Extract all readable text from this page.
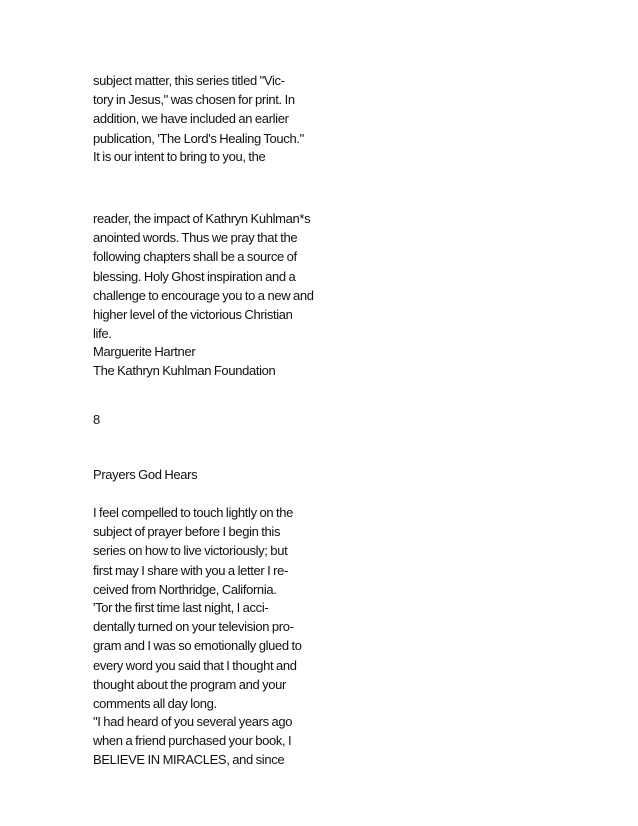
subject matter, this series titled "Vic-
tory in Jesus," was chosen for print. In
addition, we have included an earlier
publication, 'The Lord's Healing Touch."

It is our intent to bring to you, the

reader, the impact of Kathryn Kuhlman*s
anointed words. Thus we pray that the
following chapters shall be a source of
blessing. Holy Ghost inspiration and a
challenge to encourage you to a new and
higher level of the victorious Christian
life.

Marguerite Hartner
The Kathryn Kuhlman Foundation

8

Prayers God Hears

I feel compelled to touch lightly on the
subject of prayer before I begin this
series on how to live victoriously; but
first may I share with you a letter I re-
ceived from Northridge, California.

'Tor the first time last night, I acci-
dentally turned on your television pro-
gram and I was so emotionally glued to
every word you said that I thought and
thought about the program and your
comments all day long.

"I had heard of you several years ago
when a friend purchased your book, I
BELIEVE IN MIRACLES, and since
